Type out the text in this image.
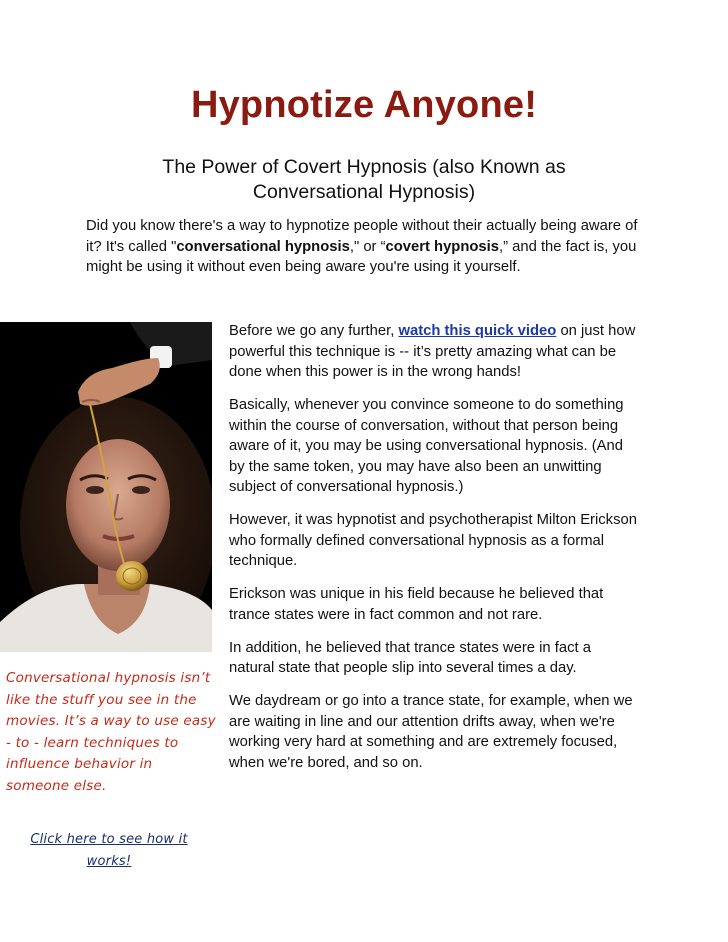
Hypnotize Anyone!
The Power of Covert Hypnosis (also Known as Conversational Hypnosis)
Did you know there's a way to hypnotize people without their actually being aware of it? It's called "conversational hypnosis," or “covert hypnosis,” and the fact is, you might be using it without even being aware you're using it yourself.
Conversational hypnosis isn’t like the stuff you see in the movies. It’s a way to use easy - to - learn techniques to influence behavior in someone else.
Click here to see how it works!

Before we go any further, watch this quick video on just how powerful this technique is -- it’s pretty amazing what can be done when this power is in the wrong hands!

Basically, whenever you convince someone to do something within the course of conversation, without that person being aware of it, you may be using conversational hypnosis. (And by the same token, you may have also been an unwitting subject of conversational hypnosis.)

However, it was hypnotist and psychotherapist Milton Erickson who formally defined conversational hypnosis as a formal technique.

Erickson was unique in his field because he believed that trance states were in fact common and not rare.

In addition, he believed that trance states were in fact a natural state that people slip into several times a day.

We daydream or go into a trance state, for example, when we are waiting in line and our attention drifts away, when we're working very hard at something and are extremely focused, when we're bored, and so on.
